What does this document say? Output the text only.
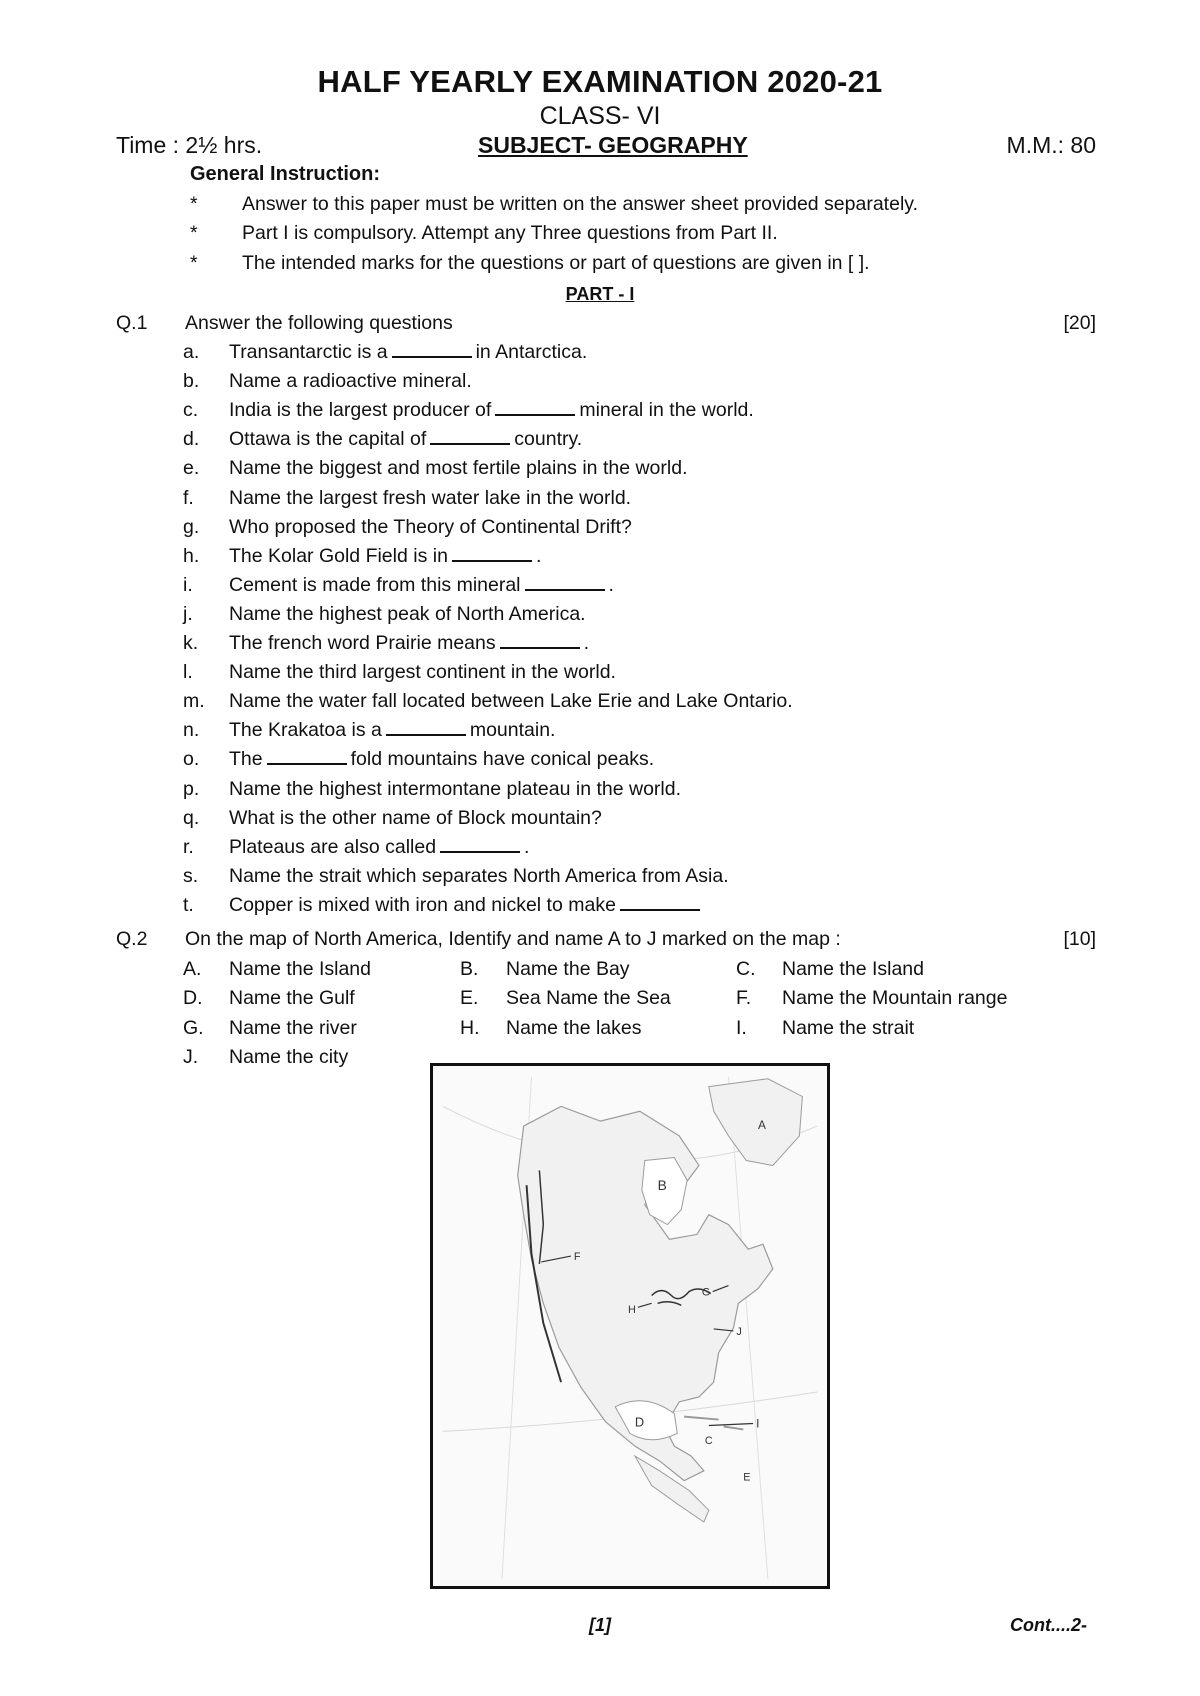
HALF YEARLY EXAMINATION 2020-21
CLASS- VI
Time : 2½ hrs.	SUBJECT- GEOGRAPHY	M.M.: 80
General Instruction:
* Answer to this paper must be written on the answer sheet provided separately.
* Part I is compulsory. Attempt any Three questions from Part II.
* The intended marks for the questions or part of questions are given in [ ].
PART - I
Q.1 Answer the following questions	[20]
a. Transantarctic is a	in Antarctica.
b. Name a radioactive mineral.
c. India is the largest producer of	mineral in the world.
d. Ottawa is the capital of	country.
e. Name the biggest and most fertile plains in the world.
f. Name the largest fresh water lake in the world.
g. Who proposed the Theory of Continental Drift?
h. The Kolar Gold Field is in	.
i. Cement is made from this mineral	.
j. Name the highest peak of North America.
k. The french word Prairie means	.
l. Name the third largest continent in the world.
m. Name the water fall located between Lake Erie and Lake Ontario.
n. The Krakatoa is a	mountain.
o. The	fold mountains have conical peaks.
p. Name the highest intermontane plateau in the world.
q. What is the other name of Block mountain?
r. Plateaus are also called	.
s. Name the strait which separates North America from Asia.
t. Copper is mixed with iron and nickel to make
Q.2 On the map of North America, Identify and name A to J marked on the map :	[10]
A. Name the Island	B. Name the Bay	C. Name the Island
D. Name the Gulf	E. Sea Name the Sea	F. Name the Mountain range
G. Name the river	H. Name the lakes	I. Name the strait
J. Name the city
A
B
F
G
H
J
D	I
C
E
[1]	Cont....2-
